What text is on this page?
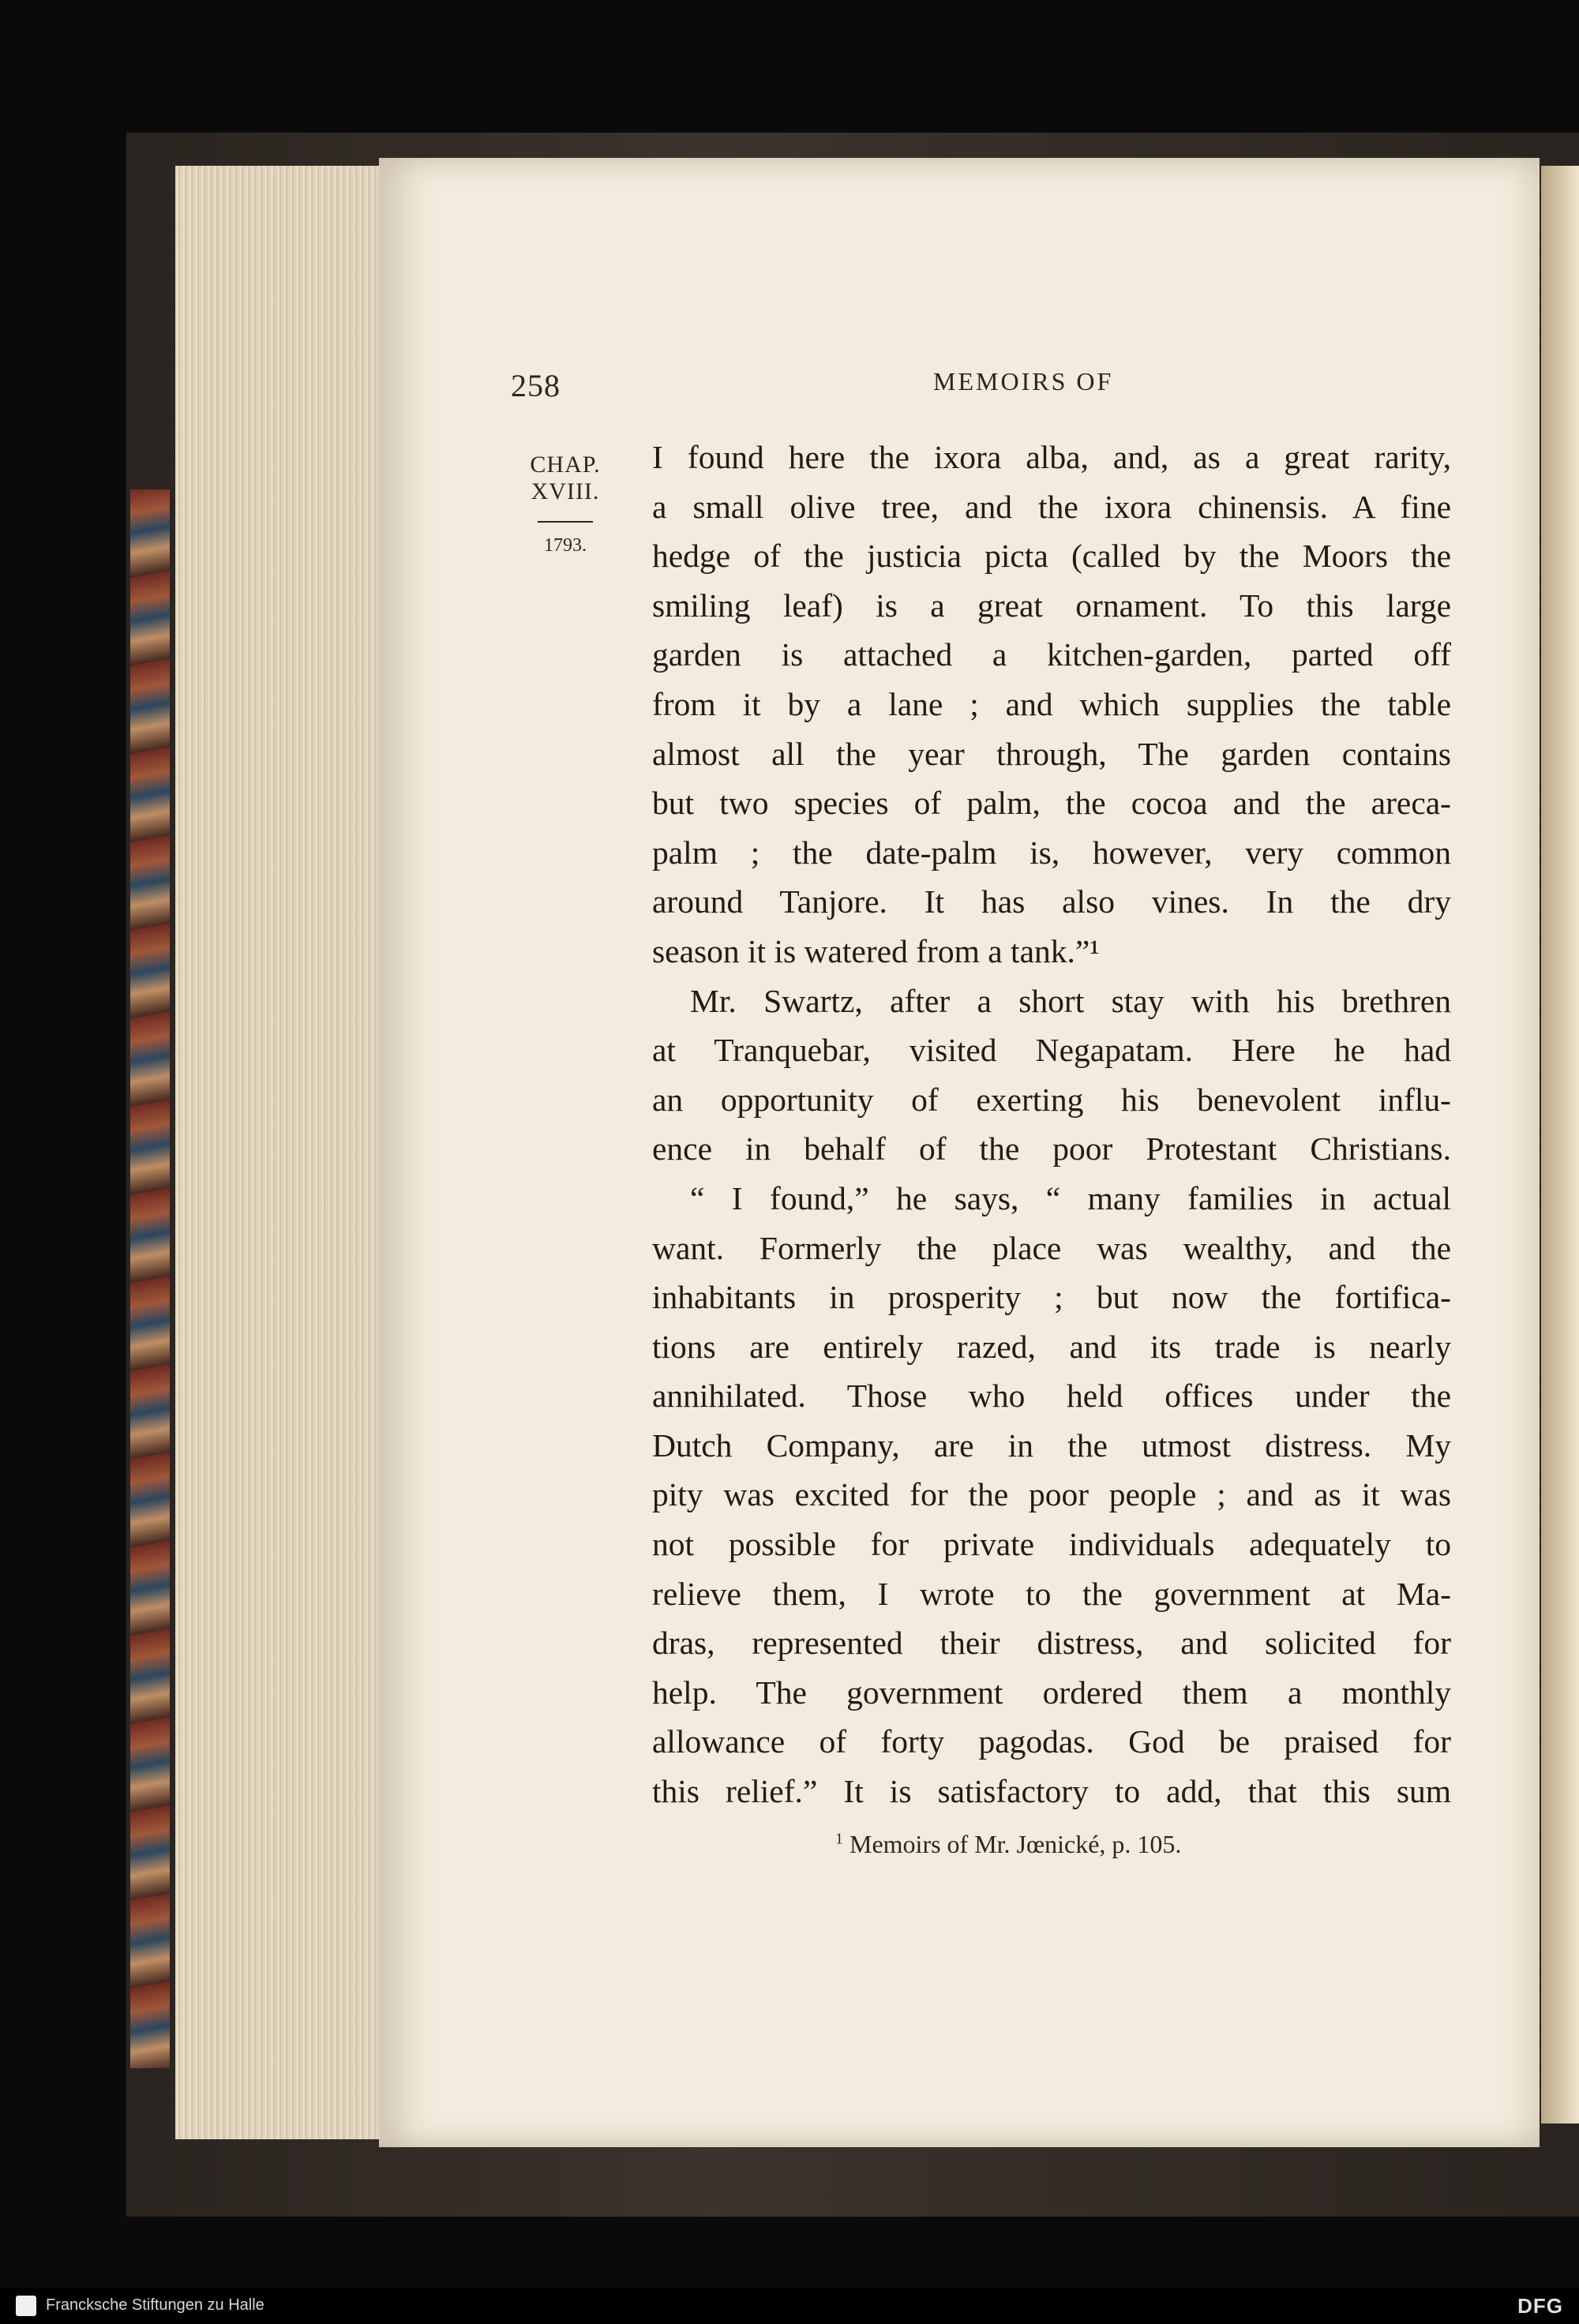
258	MEMOIRS OF
CHAP.
XVIII.
1793.
I found here the ixora alba, and, as a great rarity,
a small olive tree, and the ixora chinensis. A fine
hedge of the justicia picta (called by the Moors the
smiling leaf) is a great ornament. To this large
garden is attached a kitchen-garden, parted off
from it by a lane ; and which supplies the table
almost all the year through, The garden contains
but two species of palm, the cocoa and the areca-
palm ; the date-palm is, however, very common
around Tanjore. It has also vines. In the dry
season it is watered from a tank.”¹
Mr. Swartz, after a short stay with his brethren
at Tranquebar, visited Negapatam. Here he had
an opportunity of exerting his benevolent influ-
ence in behalf of the poor Protestant Christians.
“ I found,” he says, “ many families in actual
want. Formerly the place was wealthy, and the
inhabitants in prosperity ; but now the fortifica-
tions are entirely razed, and its trade is nearly
annihilated. Those who held offices under the
Dutch Company, are in the utmost distress. My
pity was excited for the poor people ; and as it was
not possible for private individuals adequately to
relieve them, I wrote to the government at Ma-
dras, represented their distress, and solicited for
help. The government ordered them a monthly
allowance of forty pagodas. God be praised for
this relief.” It is satisfactory to add, that this sum
$^1$ Memoirs of Mr. Jœnické, p. 105.
Francksche Stiftungen zu Halle	DFG
